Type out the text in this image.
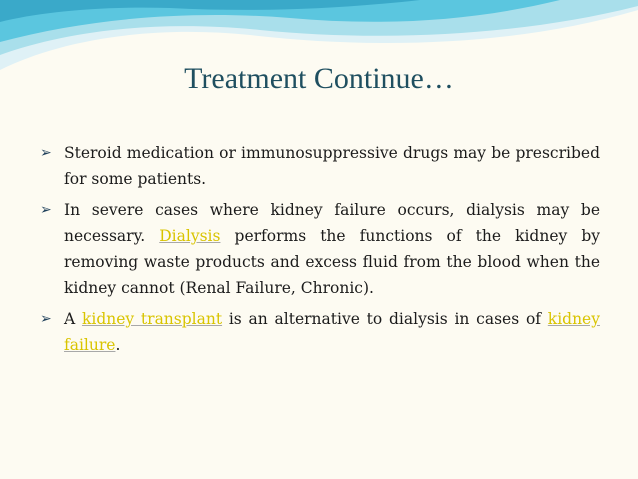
Treatment Continue…
➢ Steroid medication or immunosuppressive drugs may be prescribed for some patients.
➢ In severe cases where kidney failure occurs, dialysis may be necessary. Dialysis performs the functions of the kidney by removing waste products and excess fluid from the blood when the kidney cannot (Renal Failure, Chronic).
➢ A kidney transplant is an alternative to dialysis in cases of kidney failure.
